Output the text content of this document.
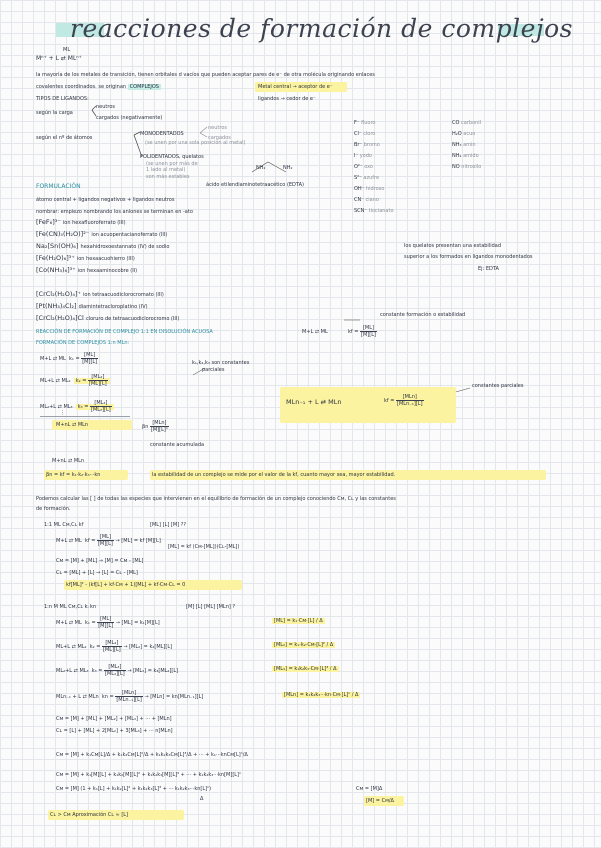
reacciones de formación de complejos
ML
Mⁿ⁺ + L ⇄ MLⁿ⁺
la mayoría de los metales de transición, tienen orbitales d vacíos que pueden aceptar pares de e⁻ de otra molécula originando enlaces
covalentes coordinados. se originan COMPLEJOS	Metal central → aceptor de e⁻
ligandos → cedor de e⁻
TIPOS DE LIGANDOS:
según la carga
neutros
cargados (negativamente)
según el nº de átomos
MONODENTADOS
neutros
cargados
(se unen por una sola posición al metal)
POLIDENTADOS, quelatos
(se unen por más de
1 lado al metal)
son más estables
NH₂	NH₂
ácido etilendiaminotetraacético (EDTA)
F⁻ fluoro
Cl⁻ cloro
Br⁻ bromo
I⁻ yodo
O²⁻ oxo
S²⁻ azufre
OH⁻ hidroxo
CN⁻ ciano
SCN⁻ tiocianato
CO carbonil
H₂O acuo
NH₃ amin
NH₂ amido
NO nitrosilo
FORMULACIÓN
átomo central + ligandos negativos + ligandos neutros
nombrar: empiezo nombrando los aniones se terminan en -ato
[FeF₆]³⁻ ion hexafluoroferrato (III)
[Fe(CN)₅(H₂O)]²⁻ ion acuopentacianoferrato (III)
Na₂[Sn(OH)₆] hexahidroxoestannato (IV) de sodio
[Fe(H₂O)₆]³⁺ ion hexaacuohierro (III)
[Co(NH₃)₆]³⁺ ion hexaaminocobre (II)
los quelatos presentan una estabilidad
superior a los formados en ligandos monodentados
Ej: EDTA
[CrCl₂(H₂O)₄]⁺ ion tetraacuodiclorocromato (III)
[Pt(NH₃)₄Cl₂] diamintetracloroplatino (IV)
[CrCl₂(H₂O)₄]Cl cloruro de tetraacuodiclorocromo (III)
REACCIÓN DE FORMACIÓN DE COMPLEJO 1:1 EN DISOLUCIÓN ACUOSA	M+L ⇄ ML	kf = $\frac{[ML]}{[M][L]}$
constante formación o estabilidad
FORMACIÓN DE COMPLEJOS 1:n MLn:
M+L ⇄ ML $k_1 = \frac{[ML]}{[M][L]}$
ML+L ⇄ ML₂ $k_2 = \frac{\text{[ML₂]}}{[ML][L]}$
ML₂+L ⇄ ML₃ $k_3 = \frac{\text{[ML₃]}}{\text{[ML₂][L]}}$
⋮
M+nL ⇄ MLn	βn $\frac{\text{[MLn]}}{\text{[M][L]ⁿ}}$
constante acumulada
k₁,k₂,k₃ son constantes
parciales
MLn₋₁ + L ⇄ MLn	kf = $\frac{\text{[MLn]}}{\text{[MLn₋₁][L]}}$
constantes parciales
M+nL ⇄ MLn
βn = kf = k₁·k₂·k₃···kn	la estabilidad de un complejo se mide por el valor de la kf, cuanto mayor sea, mayor estabilidad.
Podemos calcular las [ ] de todas las especies que intervienen en el equilibrio de formación de un complejo conociendo Cм, Cʟ y las constantes
de formación.
1:1 ML Cм,Cʟ kf	[ML] [L] [M] ??
M+L ⇄ ML kf = $\frac{[ML]}{[M][L]} \to [ML]$ = kf [M][L]
[ML] = kf (Cм-[ML])(Cʟ-[ML])
Cм = [M] + [ML] → [M] = Cм - [ML]
Cʟ = [ML] + [L] → [L] = Cʟ - [ML]
kf[ML]² - (kf[L] + kf·Cм + 1)[ML] + kf·Cм·Cʟ = 0
1:n M ML Cм,Cʟ kᵢ kn	[M] [L] [ML] [MLn] ?
M+L ⇄ ML $k_1 = \frac{[ML]}{[M][L]} \to [ML] = k_1[M][L]$	[ML] = k₁·Cм·[L] / Δ
ML+L ⇄ ML₂ $k_2 = \frac{\text{[ML₂]}}{[ML][L]} \to [ML_2] = k_2[ML][L]$	[ML₂] = k₁·k₂·Cм·[L]² / Δ
ML₂+L ⇄ ML₃ $k_3 = \frac{\text{[ML₃]}}{\text{[ML₂][L]}} \to [ML_3] = k_3[ML_2][L]$	[ML₃] = k₁k₂k₃·Cм·[L]³ / Δ
MLn₋₁ + L ⇄ MLn kn = $\frac{\text{[MLn]}}{\text{[MLn₋₁][L]}} \to [MLn] = kn[MLn_{-1}][L]$	[MLn] = k₁k₂k₃···kn·Cм·[L]ⁿ / Δ
Cм = [M] + [ML] + [ML₂] + [ML₃] + ··· + [MLn]
Cʟ = [L] + [ML] + 2[ML₂] + 3[ML₃] + ··· n[MLn]
Cм = [M] + k₁Cм[L]/Δ + k₁k₂Cм[L]²/Δ + k₁k₂k₃Cм[L]³/Δ + ··· + k₁···knCм[L]ⁿ/Δ
Cм = [M] + k₁[M][L] + k₁k₂[M][L]² + k₁k₂k₃[M][L]³ + ··· + k₁k₂k₃···kn[M][L]ⁿ
Cм = [M] (1 + k₁[L] + k₁k₂[L]² + k₁k₂k₃[L]³ + ··· k₁k₂k₃···kn[L]ⁿ)
Δ
Cм = [M]Δ
[M] = Cм/Δ
Cʟ > Cм Aproximación Cʟ ≈ [L]
